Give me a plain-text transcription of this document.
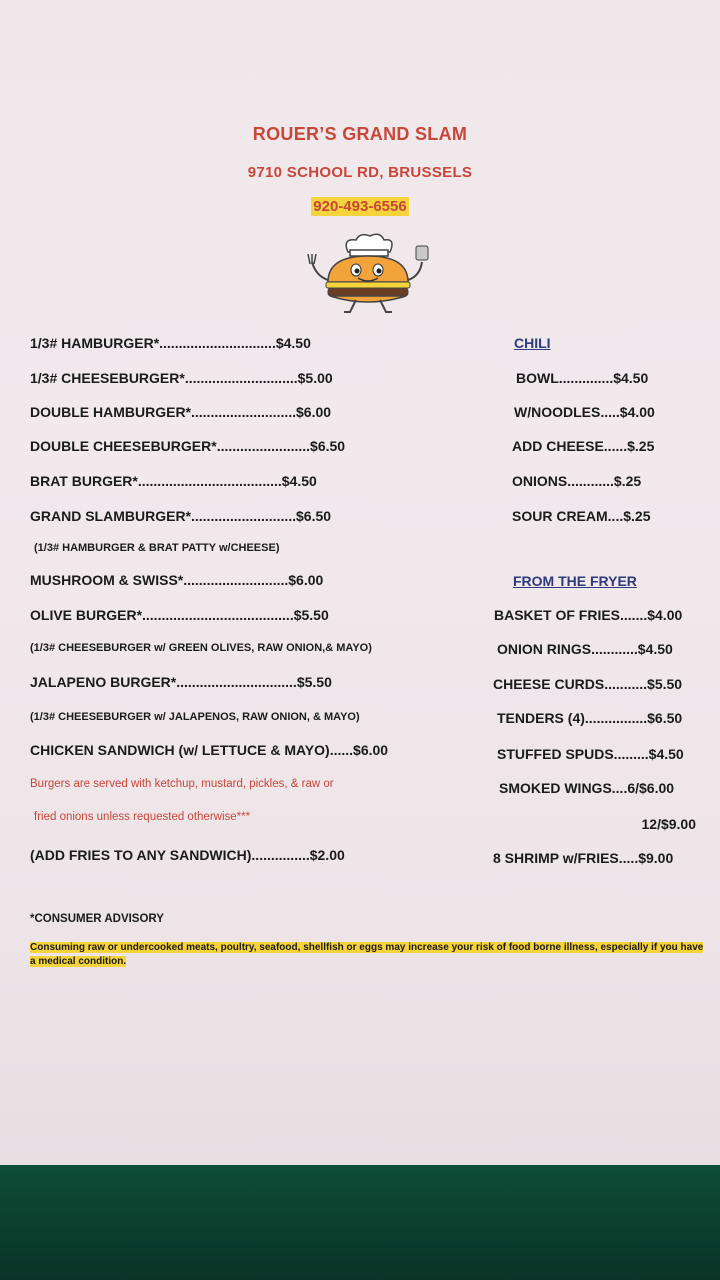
ROUER’S GRAND SLAM
9710 SCHOOL RD, BRUSSELS
920-493-6556
1/3# HAMBURGER*..............................$4.50
1/3# CHEESEBURGER*.............................$5.00
DOUBLE HAMBURGER*...........................$6.00
DOUBLE CHEESEBURGER*........................$6.50
BRAT BURGER*.....................................$4.50
GRAND SLAMBURGER*...........................$6.50
(1/3# HAMBURGER & BRAT PATTY w/CHEESE)
MUSHROOM & SWISS*...........................$6.00
OLIVE BURGER*.......................................$5.50
(1/3# CHEESEBURGER w/ GREEN OLIVES, RAW ONION,& MAYO)
JALAPENO BURGER*...............................$5.50
(1/3# CHEESEBURGER w/ JALAPENOS, RAW ONION, & MAYO)
CHICKEN SANDWICH (w/ LETTUCE & MAYO)......$6.00
Burgers are served with ketchup, mustard, pickles, & raw or
fried onions unless requested otherwise***
(ADD FRIES TO ANY SANDWICH)...............$2.00
CHILI
BOWL..............$4.50
W/NOODLES.....$4.00
ADD CHEESE......$.25
ONIONS............$.25
SOUR CREAM....$.25
FROM THE FRYER
BASKET OF FRIES.......$4.00
ONION RINGS............$4.50
CHEESE CURDS...........$5.50
TENDERS (4)................$6.50
STUFFED SPUDS.........$4.50
SMOKED WINGS....6/$6.00
12/$9.00
8 SHRIMP w/FRIES.....$9.00
*CONSUMER ADVISORY
Consuming raw or undercooked meats, poultry, seafood, shellfish or eggs may increase your risk of food borne illness, especially if you have a medical condition.
